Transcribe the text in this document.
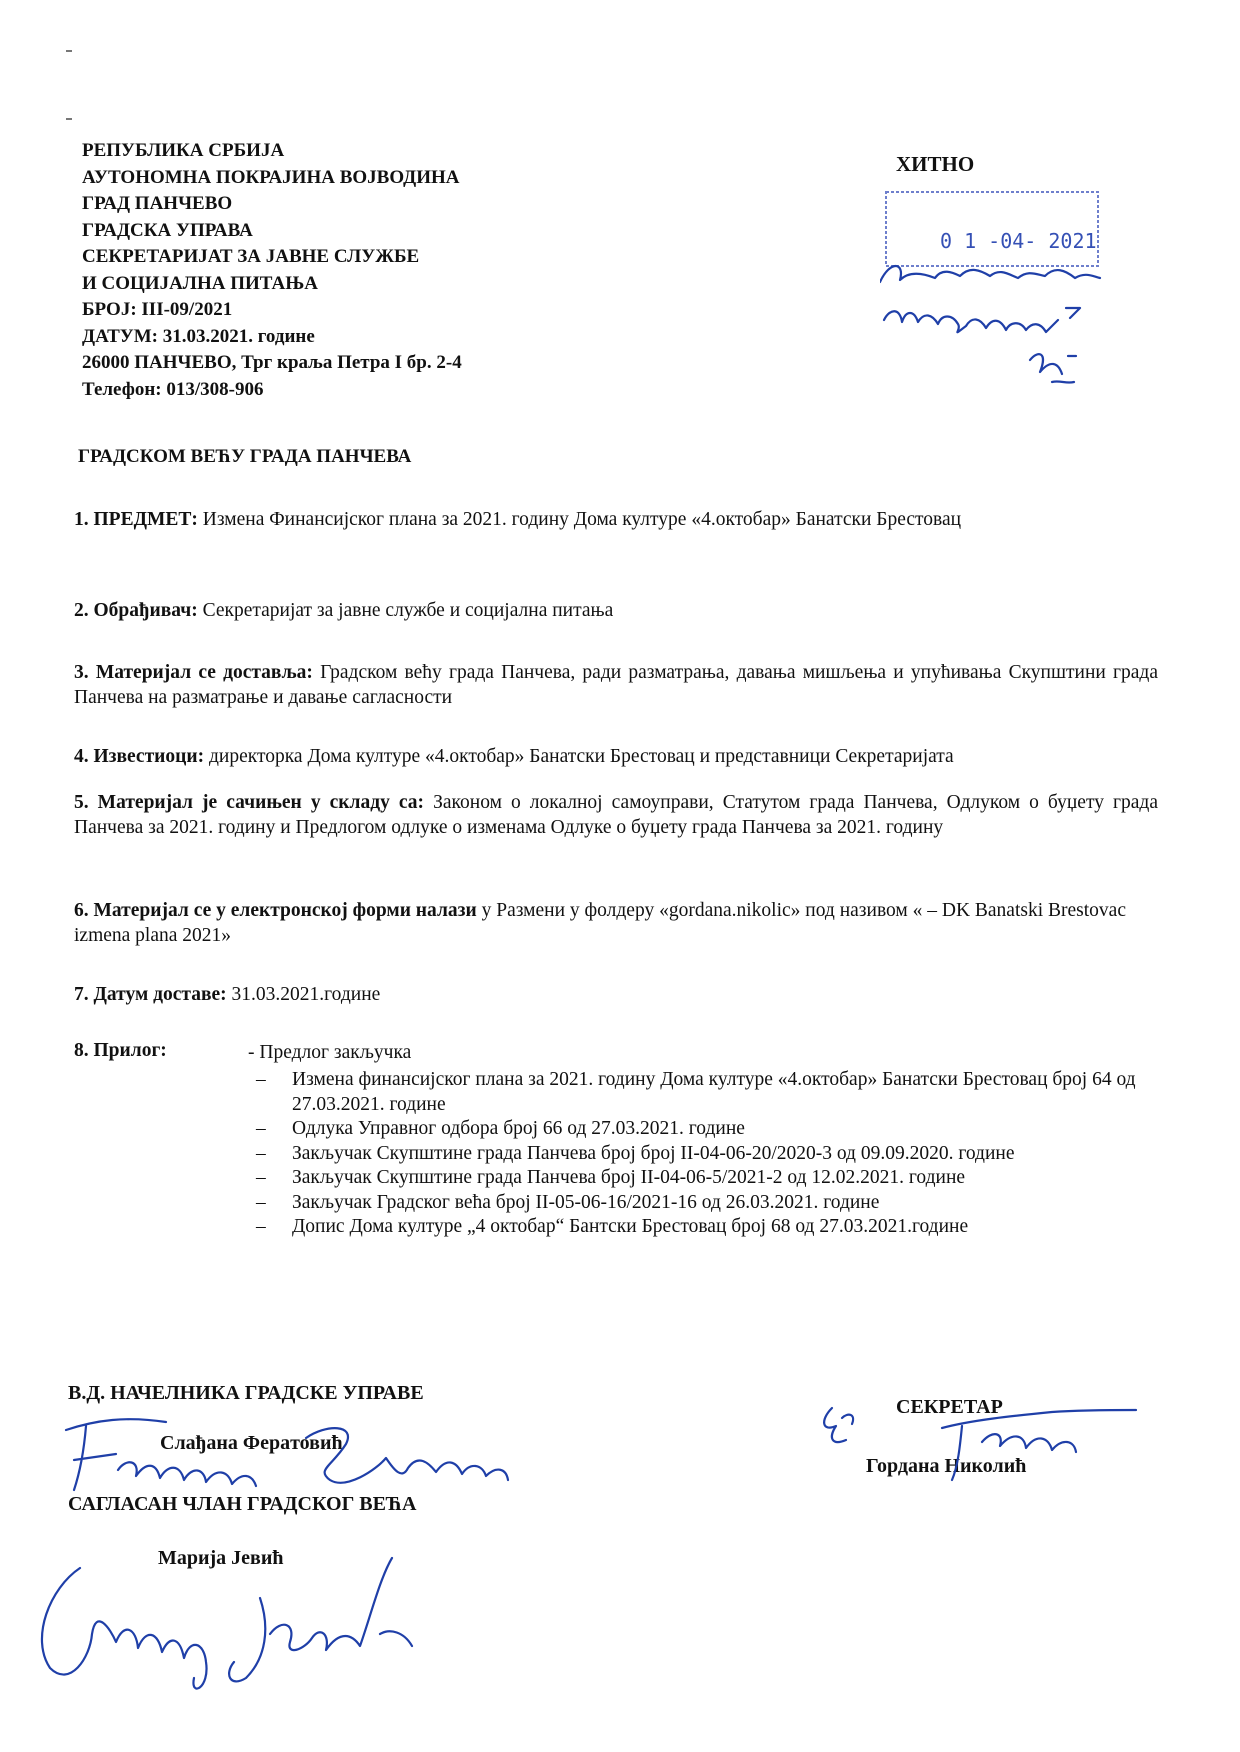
РЕПУБЛИКА СРБИЈА
АУТОНОМНА ПОКРАЈИНА ВОЈВОДИНА
ГРАД ПАНЧЕВО
ГРАДСКА УПРАВА
СЕКРЕТАРИЈАТ ЗА ЈАВНЕ СЛУЖБЕ
И СОЦИЈАЛНА ПИТАЊА
БРОЈ: III-09/2021
ДАТУМ: 31.03.2021. године
26000 ПАНЧЕВО, Трг краља Петра I бр. 2-4
Телефон: 013/308-906
ХИТНО
0 1 -04- 2021
Достављено Седници ГВ у 10ºº FF.
ГРАДСКОМ ВЕЋУ ГРАДА ПАНЧЕВА
1. ПРЕДМЕТ: Измена Финансијског плана за 2021. годину Дома културе «4.октобар» Банатски Брестовац
2. Обрађивач: Секретаријат за јавне службе и социјална питања
3. Материјал се доставља: Градском већу града Панчева, ради разматрања, давања мишљења и упућивања Скупштини града Панчева на разматрање и давање сагласности
4. Известиоци: директорка Дома културе «4.октобар» Банатски Брестовац и представници Секретаријата
5. Материјал је сачињен у складу са: Законом о локалној самоуправи, Статутом града Панчева, Одлуком о буџету града Панчева за 2021. годину и Предлогом одлуке о изменама Одлуке о буџету града Панчева за 2021. годину
6. Материјал се у електронској форми налази у Размени у фолдеру «gordana.nikolic» под називом « – DK Banatski Brestovac izmena plana 2021»
7. Датум доставе: 31.03.2021.године
8. Прилог:	- Предлог закључка
– Измена финансијског плана за 2021. годину Дома културе «4.октобар» Банатски Брестовац број 64 од 27.03.2021. године
– Одлука Управног одбора број 66 од 27.03.2021. године
– Закључак Скупштине града Панчева број број II-04-06-20/2020-3 од 09.09.2020. године
– Закључак Скупштине града Панчева број II-04-06-5/2021-2 од 12.02.2021. године
– Закључак Градског већа број II-05-06-16/2021-16 од 26.03.2021. године
– Допис Дома културе „4 октобар“ Бантски Брестовац број 68 од 27.03.2021.године
В.Д. НАЧЕЛНИКА ГРАДСКЕ УПРАВЕ
Слађана Ферaтовић
САГЛАСАН ЧЛАН ГРАДСКОГ ВЕЋА
Марија Јевић
СЕКРЕТАР
Гордана Николић
